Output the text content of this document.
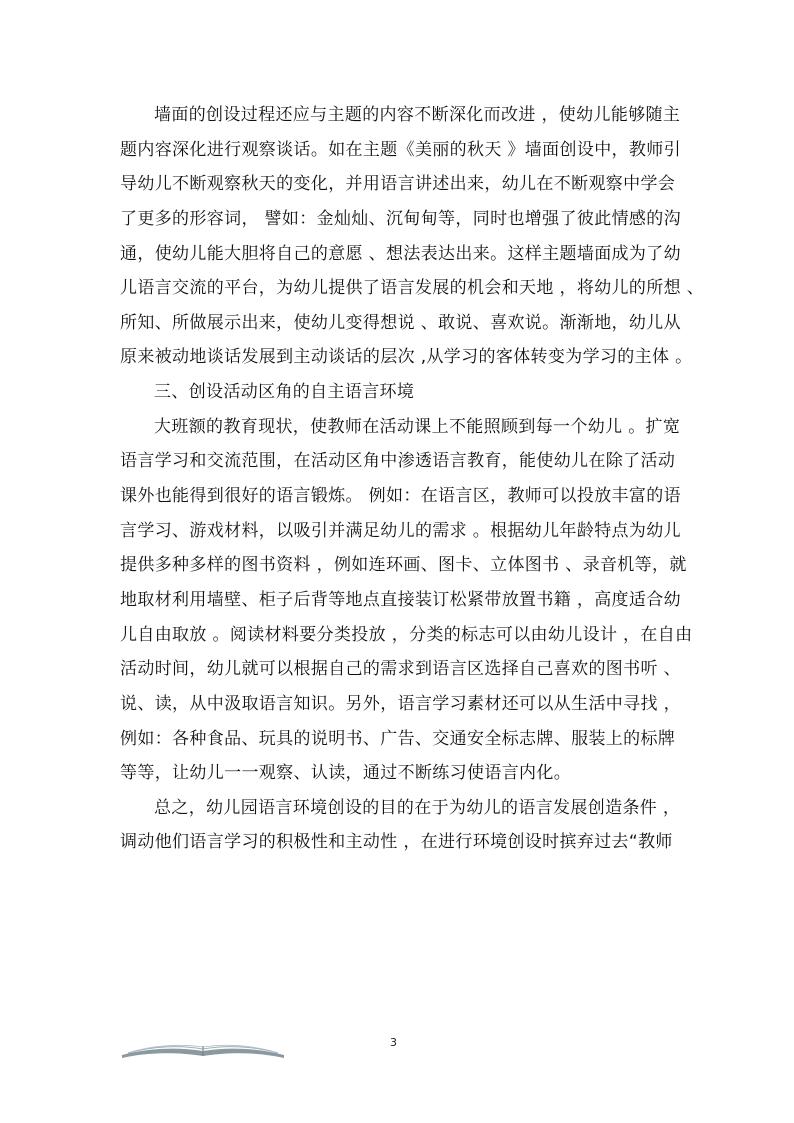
墙面的创设过程还应与主题的内容不断深化而改进 ，使幼儿能够随主
题内容深化进行观察谈话。如在主题《美丽的秋天 》墙面创设中，教师引
导幼儿不断观察秋天的变化，并用语言讲述出来，幼儿在不断观察中学会
了更多的形容词， 譬如：金灿灿、沉甸甸等，同时也增强了彼此情感的沟
通，使幼儿能大胆将自己的意愿 、想法表达出来。这样主题墙面成为了幼
儿语言交流的平台，为幼儿提供了语言发展的机会和天地 ，将幼儿的所想 、
所知、所做展示出来，使幼儿变得想说 、敢说、喜欢说。渐渐地，幼儿从
原来被动地谈话发展到主动谈话的层次 ,从学习的客体转变为学习的主体 。
三、创设活动区角的自主语言环境
大班额的教育现状，使教师在活动课上不能照顾到每一个幼儿 。扩宽
语言学习和交流范围，在活动区角中渗透语言教育，能使幼儿在除了活动
课外也能得到很好的语言锻炼。 例如：在语言区，教师可以投放丰富的语
言学习、游戏材料，以吸引并满足幼儿的需求 。根据幼儿年龄特点为幼儿
提供多种多样的图书资料 ，例如连环画、图卡、立体图书 、录音机等，就
地取材利用墙壁、柜子后背等地点直接装订松紧带放置书籍 ，高度适合幼
儿自由取放 。阅读材料要分类投放 ，分类的标志可以由幼儿设计 ，在自由
活动时间，幼儿就可以根据自己的需求到语言区选择自己喜欢的图书听 、
说、读，从中汲取语言知识。另外，语言学习素材还可以从生活中寻找 ，
例如：各种食品、玩具的说明书、广告、交通安全标志牌、服装上的标牌
等等，让幼儿一一观察、认读，通过不断练习使语言内化。
总之，幼儿园语言环境创设的目的在于为幼儿的语言发展创造条件 ，
调动他们语言学习的积极性和主动性 ，在进行环境创设时摈弃过去“教师
3
